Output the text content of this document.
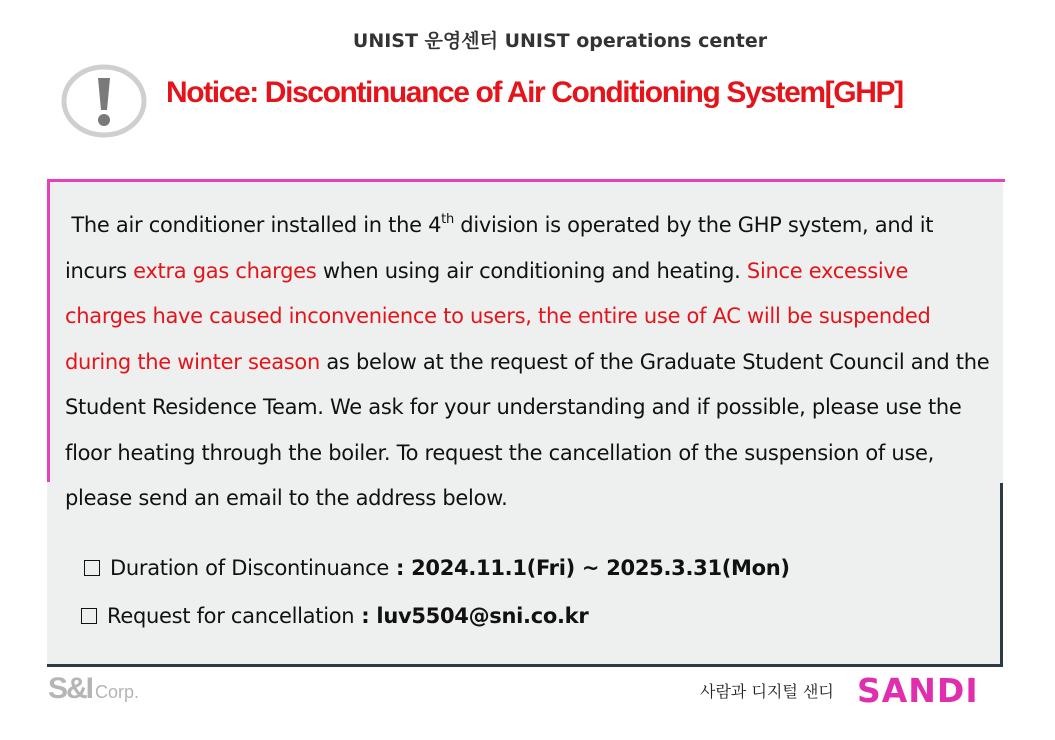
UNIST 운영센터 UNIST operations center
Notice: Discontinuance of Air Conditioning System[GHP]
The air conditioner installed in the 4th division is operated by the GHP system, and it incurs extra gas charges when using air conditioning and heating. Since excessive charges have caused inconvenience to users, the entire use of AC will be suspended during the winter season as below at the request of the Graduate Student Council and the Student Residence Team. We ask for your understanding and if possible, please use the floor heating through the boiler. To request the cancellation of the suspension of use, please send an email to the address below.
Duration of Discontinuance : 2024.11.1(Fri) ~ 2025.3.31(Mon)
Request for cancellation : luv5504@sni.co.kr
S&I Corp.	사람과 디지털 샌디 SANDI
